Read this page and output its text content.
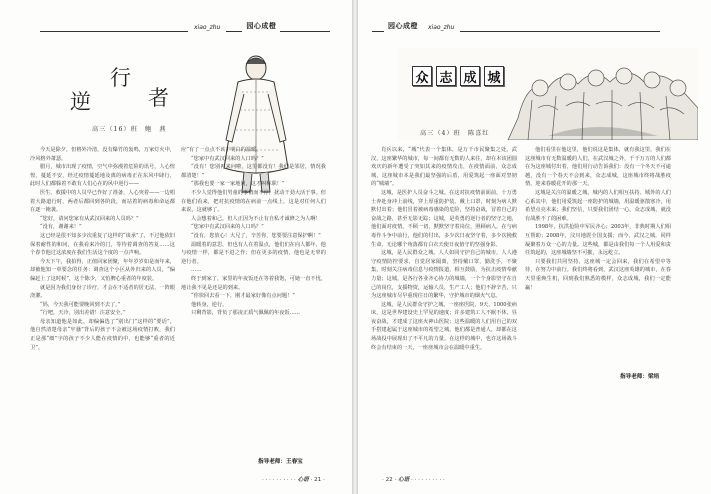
xiao_zhu	园心成橙
逆
行
者
高三（16）班　鲍　燕

今天是除夕，但格外冷清，没有爆竹的轰鸣，万家灯火中，冷风格外萧瑟。

腊月，城市出现了疫情，空气中弥漫着危险的讯号，人心惶惶，蔓延不安，经过疫情蔓延地及离的病毒正在东风中肆行，此时人们都躲着不敢有人们心在的风中逆行——

医生、救援中的人员早已作好了准备，人心突着——一边唱着大路道行时，两者后都回到各阶段，而站着的病毒和命运都在逐一掩袭。

“您好，请问您家有从武汉回来的人员吗？”

“没有，谢谢来！”

这已经是很不知多少次重复了这样的“谈承”了，不过他依旧保着耐性的和问，在我看来冷的门，等待着调查的答复……这个春节他过这浓度在我们生活这个度的一点声响。

今天下午，我拍得，正值回家团聚，年年岁岁如是而年来，却被他知一单要念的任务：调查这个小区从外归来的人员，“偏偏赶上了这时候”，这个陈少，又怕脾心重者的年度装。

就是因为我们身份了诊疗，才会在不适者的居无法，一阵眼浇灌。

“妈，今天我可能要晚回到不去了。”

“行吧，天冷，别出差错！注意安全。”

母亲知道他是如此，却偏偏选了“别出门”这样的“要话”，他自然清楚母亲“牢骚”背后的孩子不会被这场疫情打败，我们正是那“细”字的孩子不少人能在疫情的中，也能够“重者的近卫”。

应”有了一点点不该不明白的温暖。

“您家中有武汉回来的人口吗？”

“没有！您别再来问啦，这里都没有！我们是邻居，情况我都清楚！”

“那我也要一家一家地问，这才叫称职！”

不少人觉得他们男童的事情而不停，扰动干劲大活于事。但在他们看来，把对抗疫情的在病前一点线上，这是对任何人们来说，这就够了。

人会想着和己，但人正因为不止有自私才诚修之为人啊！

“您家中有武汉回来的人口吗？”

“没有，您放心！大兄了，辛苦你，您要要注意保护啊！”

温暖着的意思，但也有人在着温点，他们们在向人都年，他与疫情一样，都是不进之作；但在更多的疫情，他也是无辜的逆行者。

……

终于到家了，家里的年夜饭还在等着我饱，可她一直不忧，地让我不见是还是的到来。

“你快回去看一下，刚才最家好像有点问题！”

他转身，逆行。

只剩背影，背负了那凌正质气佩佩的年夜饭……

指导老师：王春宝
· · · · · · · · · · 心语 · 21 ·
园心成橙	xiao_zhu
众 志 成 城
高三（4）班　陈喜红

肖兵以来，“城”代表一个集体，是万千市民聚集之处。武汉，这座繁华的城市，每一间都有无数的人来往，却在本该团圆欢庆的新年遭受了突如其来的疫情攻击，在疫情面前，众志成城，这座城市本是我们最坚强的后盾，用爱筑起一座面对坚韧的“城墙”。

这城，是医护人员奋斗之城。在这对抗疫情前面前，十万勇士奔赴身冲上前线，穿上厚重防护装、戴上口罩，时刻为病人默默付出着；他们冒着被病毒感染的危险，坚持奋战，冒着自己的奋战之路，甚至无影无踪；这城，是英勇的逆行者的坚守之地，他们面对疫情，不顾一切，默默坚守着岗位，照顾病人，在与病毒作斗争中前行，他们的付出，多少次日夜坚守着，多少次挽救生命，无论哪个角落都有白衣天使日夜值守的坚强身影。

这城，是人民群众之城。人人如同守护自己的城市，人人遵守疫情防控要求，自觉居家隔离，坚持戴口罩，勤洗手，不聚集，时刻关注病毒信息与疫情报道，相互鼓励，为抗击疫情奉献力量；这城，是各行各业齐心协力的城墙，一个个身影坚守在自己的岗位，支援物资，运输人员，生产工人；他们不辞辛苦，只为这座城市尽早重现往日的繁华，守护城市的烟火气息。

这城，是人民群众守护之城。一座座医院，9天，1000张病床，这是世界建设史上罕见的速度；许多建筑工人不眠不休，昼夜奋战，才建成了这座火神山医院；这些温暖的人们用自己的双手搭建起属于这座城市的希望之城，他们都是普通人，却都在这场战役中展现出了不平凡的力量。在这样的城中，也许这场战斗终会有结束的一天，一座座城市会在温暖中重生。

他们看里在他这里，他们说这是集体，就有我这里，我们在这座城市有无数温暖的人们，在武汉城之外，千千万万的人们都在为这座城付出着，他们用行动告诉我们：没有一个冬天不可逾越，没有一个春天不会到来，众志成城，这座城市终将战胜疫情，迎来春暖花开的那一天。

这城是关注的温暖之城，城内的人们相互扶持、城外的人们心系其中，他们用爱筑起一座防护的城墙，用温暖驱散寒冷，用希望点亮未来；我们坚信，只要我们团结一心，众志成城，就没有战胜不了的困难。

1998年，抗洪抢险中军民齐心；2003年，非典时期人们相互帮助；2008年，汶川地震全国支援；而今，武汉之城，同样凝聚着万众一心的力量。这些城，都是由我们每一个人用爱和责任筑起的，这座城墙坚不可摧，永远屹立。

只要我们共同坚持，这座城一定会回来，我们在希望中等待，在努力中前行。我们终将看到，武汉这座英雄的城市，在春天里重焕生机，回到我们熟悉的模样，众志成城，我们一定能赢！

指导老师：梁培
· 22 · 心语 · · · · · · · · · ·
